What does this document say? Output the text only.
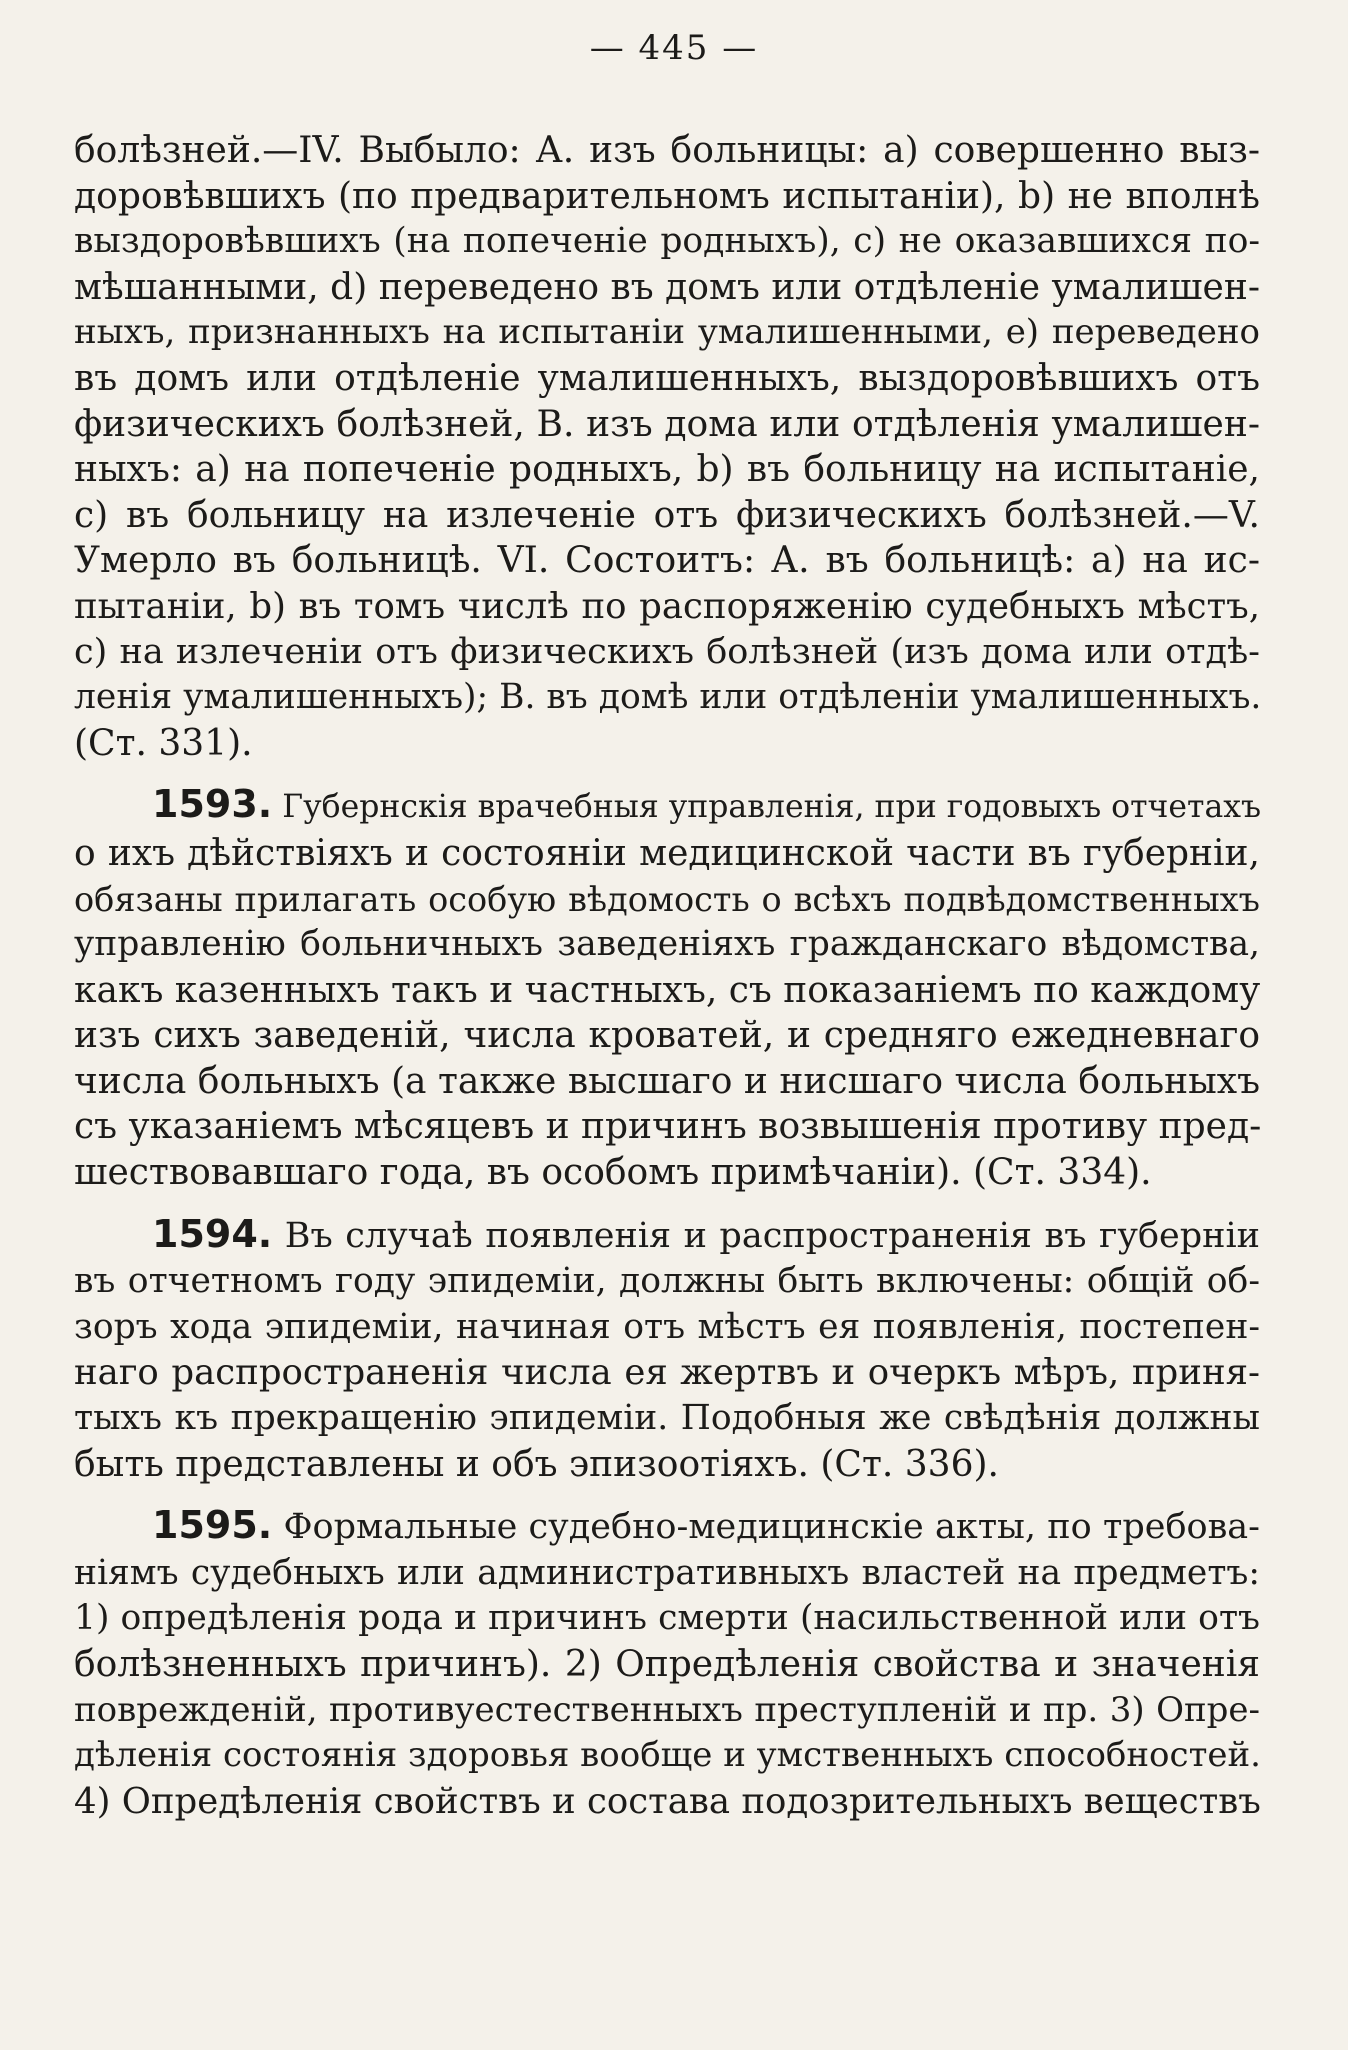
— 445 —
болѣзней.—IV. Выбыло: А. изъ больницы: а) совершенно выз-
доровѣвшихъ (по предварительномъ испытаніи), b) не вполнѣ
выздоровѣвшихъ (на попеченіе родныхъ), c) не оказавшихся по-
мѣшанными, d) переведено въ домъ или отдѣленіе умалишен-
ныхъ, признанныхъ на испытаніи умалишенными, е) переведено
въ домъ или отдѣленіе умалишенныхъ, выздоровѣвшихъ отъ
физическихъ болѣзней, В. изъ дома или отдѣленія умалишен-
ныхъ: а) на попеченіе родныхъ, b) въ больницу на испытаніе,
c) въ больницу на излеченіе отъ физическихъ болѣзней.—V.
Умерло въ больницѣ. VI. Состоитъ: А. въ больницѣ: а) на ис-
пытаніи, b) въ томъ числѣ по распоряженію судебныхъ мѣстъ,
c) на излеченіи отъ физическихъ болѣзней (изъ дома или отдѣ-
ленія умалишенныхъ); В. въ домѣ или отдѣленіи умалишенныхъ.
(Ст. 331).
1593. Губернскія врачебныя управленія, при годовыхъ отчетахъ
о ихъ дѣйствіяхъ и состояніи медицинской части въ губерніи,
обязаны прилагать особую вѣдомость о всѣхъ подвѣдомственныхъ
управленію больничныхъ заведеніяхъ гражданскаго вѣдомства,
какъ казенныхъ такъ и частныхъ, съ показаніемъ по каждому
изъ сихъ заведеній, числа кроватей, и средняго ежедневнаго
числа больныхъ (а также высшаго и нисшаго числа больныхъ
съ указаніемъ мѣсяцевъ и причинъ возвышенія противу пред-
шествовавшаго года, въ особомъ примѣчаніи). (Ст. 334).
1594. Въ случаѣ появленія и распространенія въ губерніи
въ отчетномъ году эпидеміи, должны быть включены: общій об-
зоръ хода эпидеміи, начиная отъ мѣстъ ея появленія, постепен-
наго распространенія числа ея жертвъ и очеркъ мѣръ, приня-
тыхъ къ прекращенію эпидеміи. Подобныя же свѣдѣнія должны
быть представлены и объ эпизоотіяхъ. (Ст. 336).
1595. Формальные судебно-медицинскіе акты, по требова-
ніямъ судебныхъ или административныхъ властей на предметъ:
1) опредѣленія рода и причинъ смерти (насильственной или отъ
болѣзненныхъ причинъ). 2) Опредѣленія свойства и значенія
поврежденій, противуестественныхъ преступленій и пр. 3) Опре-
дѣленія состоянія здоровья вообще и умственныхъ способностей.
4) Опредѣленія свойствъ и состава подозрительныхъ веществъ
